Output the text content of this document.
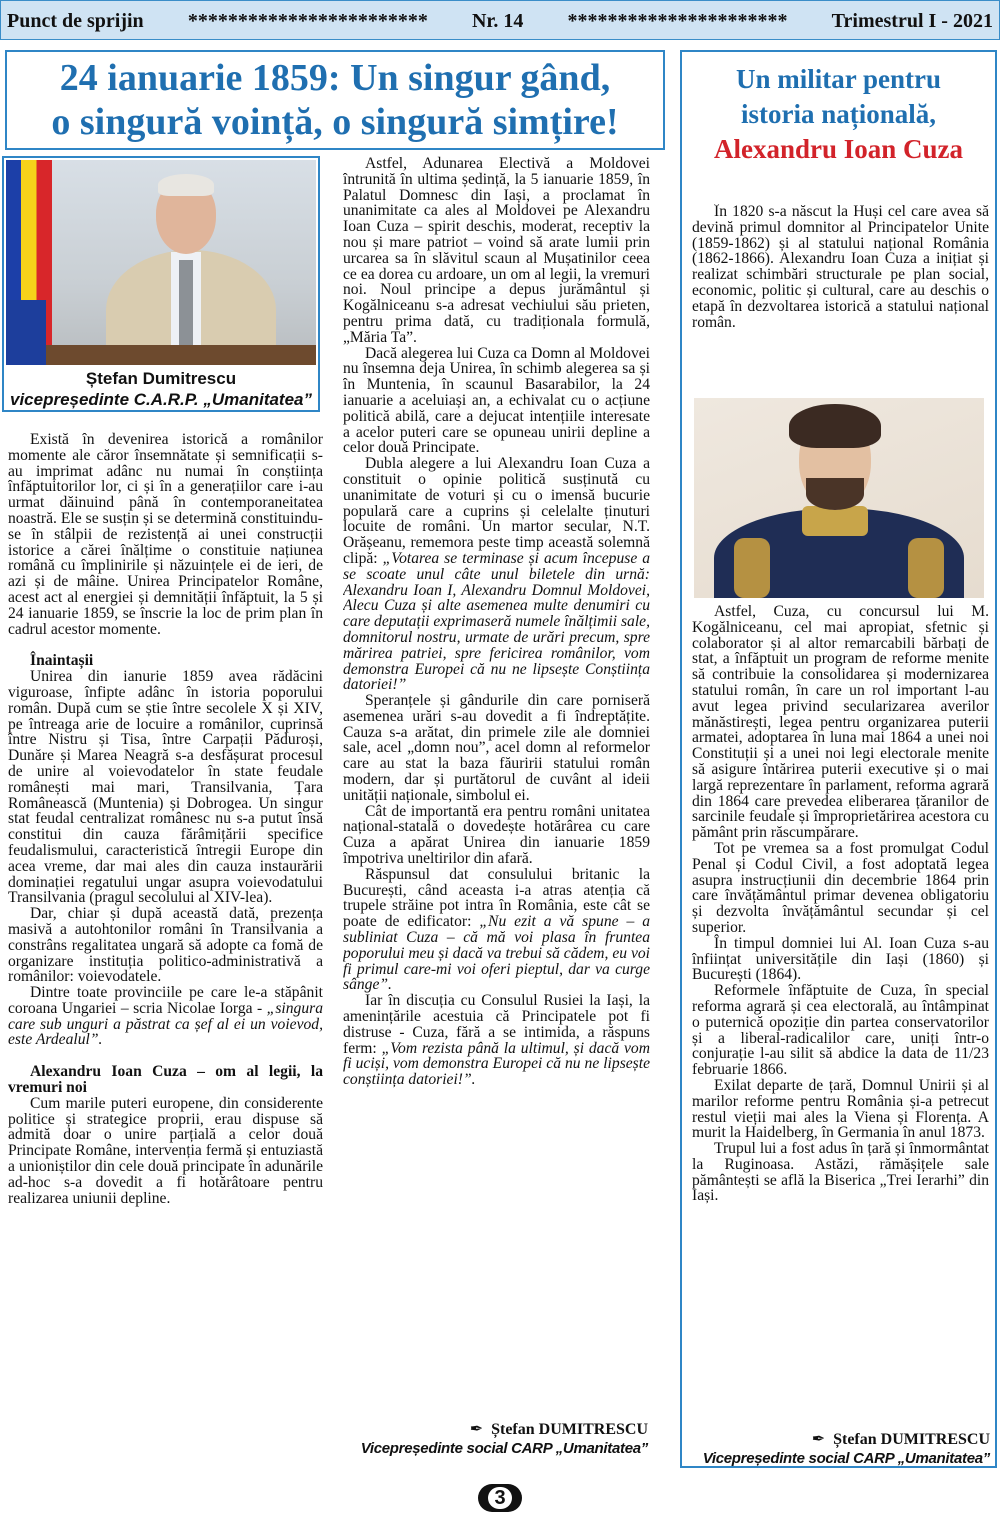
Punct de sprijin ************************ Nr. 14 ********************** Trimestrul I - 2021
24 ianuarie 1859: Un singur gând,
o singură voință, o singură simțire!
Ștefan Dumitrescu
vicepreședinte C.A.R.P. „Umanitatea”

Există în devenirea istorică a românilor momente ale căror însemnătate și semnificații s-au imprimat adânc nu numai în conștiința înfăptuitorilor lor, ci și în a generațiilor care i-au urmat dăinuind până în contemporaneitatea noastră. Ele se susțin și se determină constituindu-se în stâlpii de rezistență ai unei construcții istorice a cărei înălțime o constituie națiunea română cu împlinirile și năzuințele ei de ieri, de azi și de mâine. Unirea Principatelor Române, acest act al energiei și demnității înfăptuit, la 5 și 24 ianuarie 1859, se înscrie la loc de prim plan în cadrul acestor momente.

Înaintașii

Unirea din ianurie 1859 avea rădăcini viguroase, înfipte adânc în istoria poporului român. După cum se știe între secolele X și XIV, pe întreaga arie de locuire a românilor, cuprinsă între Nistru și Tisa, între Carpații Păduroși, Dunăre și Marea Neagră s-a desfășurat procesul de unire al voievodatelor în state feudale românești mai mari, Transilvania, Țara Românească (Muntenia) și Dobrogea. Un singur stat feudal centralizat românesc nu s-a putut însă constitui din cauza fărâmițării specifice feudalismului, caracteristică întregii Europe din acea vreme, dar mai ales din cauza instaurării dominației regatului ungar asupra voievodatului Transilvania (pragul secolului al XIV-lea).

Dar, chiar și după această dată, prezența masivă a autohtonilor români în Transilvania a constrâns regalitatea ungară să adopte ca fomă de organizare instituția politico-administrativă a românilor: voievodatele.

Dintre toate provinciile pe care le-a stăpânit coroana Ungariei – scria Nicolae Iorga - „singura care sub unguri a păstrat ca șef al ei un voievod, este Ardealul”.

Alexandru Ioan Cuza – om al legii, la vremuri noi

Cum marile puteri europene, din considerente politice și strategice proprii, erau dispuse să admită doar o unire parțială a celor două Principate Române, intervenția fermă și entuziastă a unioniștilor din cele două principate în adunările ad-hoc s-a dovedit a fi hotărâtoare pentru realizarea uniunii depline.

Astfel, Adunarea Electivă a Moldovei întrunită în ultima ședință, la 5 ianuarie 1859, în Palatul Domnesc din Iași, a proclamat în unanimitate ca ales al Moldovei pe Alexandru Ioan Cuza – spirit deschis, moderat, receptiv la nou și mare patriot – voind să arate lumii prin urcarea sa în slăvitul scaun al Mușatinilor ceea ce ea dorea cu ardoare, un om al legii, la vremuri noi. Noul principe a depus jurământul și Kogălniceanu s-a adresat vechiului său prieten, pentru prima dată, cu tradiționala formulă, „Măria Ta”.

Dacă alegerea lui Cuza ca Domn al Moldovei nu însemna deja Unirea, în schimb alegerea sa și în Muntenia, în scaunul Basarabilor, la 24 ianuarie a aceluiași an, a echivalat cu o acțiune politică abilă, care a dejucat intențiile interesate a acelor puteri care se opuneau unirii depline a celor două Principate.

Dubla alegere a lui Alexandru Ioan Cuza a constituit o opinie politică susținută cu unanimitate de voturi și cu o imensă bucurie populară care a cuprins și celelalte ținuturi locuite de români. Un martor secular, N.T. Orășeanu, rememora peste timp această solemnă clipă: „Votarea se terminase și acum începuse a se scoate unul câte unul biletele din urnă: Alexandru Ioan I, Alexandru Domnul Moldovei, Alecu Cuza și alte asemenea multe denumiri cu care deputații exprimaseră numele înălțimii sale, domnitorul nostru, urmate de urări precum, spre mărirea patriei, spre fericirea românilor, vom demonstra Europei că nu ne lipsește Conștiința datoriei!”

Speranțele și gândurile din care porniseră asemenea urări s-au dovedit a fi îndreptățite. Cauza s-a arătat, din primele zile ale domniei sale, acel „domn nou”, acel domn al reformelor care au stat la baza făuririi statului român modern, dar și purtătorul de cuvânt al ideii unității naționale, simbolul ei.

Cât de importantă era pentru români unitatea național-statală o dovedește hotărârea cu care Cuza a apărat Unirea din ianuarie 1859 împotriva uneltirilor din afară.

Răspunsul dat consulului britanic la București, când aceasta i-a atras atenția că trupele străine pot intra în România, este cât se poate de edificator: „Nu ezit a vă spune – a subliniat Cuza – că mă voi plasa în fruntea poporului meu și dacă va trebui să cădem, eu voi fi primul care-mi voi oferi pieptul, dar va curge sânge”.

Iar în discuția cu Consulul Rusiei la Iași, la amenințările acestuia că Principatele pot fi distruse - Cuza, fără a se intimida, a răspuns ferm: „Vom rezista până la ultimul, și dacă vom fi uciși, vom demonstra Europei că nu ne lipsește conștiința datoriei!”.

✒ Ștefan DUMITRESCU
Vicepreședinte social CARP „Umanitatea”
Un militar pentru
istoria națională,
Alexandru Ioan Cuza

În 1820 s-a născut la Huși cel care avea să devină primul domnitor al Principatelor Unite (1859-1862) și al statului național România (1862-1866). Alexandru Ioan Cuza a inițiat și realizat schimbări structurale pe plan social, economic, politic și cultural, care au deschis o etapă în dezvoltarea istorică a statului național român.

Astfel, Cuza, cu concursul lui M. Kogălniceanu, cel mai apropiat, sfetnic și colaborator și al altor remarcabili bărbați de stat, a înfăptuit un program de reforme menite să contribuie la consolidarea și modernizarea statului român, în care un rol important l-au avut legea privind secularizarea averilor mănăstirești, legea pentru organizarea puterii armatei, adoptarea în luna mai 1864 a unei noi Constituții și a unei noi legi electorale menite să asigure întărirea puterii executive și o mai largă reprezentare în parlament, reforma agrară din 1864 care prevedea eliberarea țăranilor de sarcinile feudale și împroprietărirea acestora cu pământ prin răscumpărare.

Tot pe vremea sa a fost promulgat Codul Penal și Codul Civil, a fost adoptată legea asupra instrucțiunii din decembrie 1864 prin care învățământul primar devenea obligatoriu și dezvolta învățământul secundar și cel superior.

În timpul domniei lui Al. Ioan Cuza s-au înființat universitățile din Iași (1860) și București (1864).

Reformele înfăptuite de Cuza, în special reforma agrară și cea electorală, au întâmpinat o puternică opoziție din partea conservatorilor și a liberal-radicalilor care, uniți într-o conjurație l-au silit să abdice la data de 11/23 februarie 1866.

Exilat departe de țară, Domnul Unirii și al marilor reforme pentru România și-a petrecut restul vieții mai ales la Viena și Florența. A murit la Haidelberg, în Germania în anul 1873.

Trupul lui a fost adus în țară și înmormântat la Ruginoasa. Astăzi, rămășițele sale pământești se află la Biserica „Trei Ierarhi” din Iași.

✒ Ștefan DUMITRESCU
Vicepreședinte social CARP „Umanitatea”
3
